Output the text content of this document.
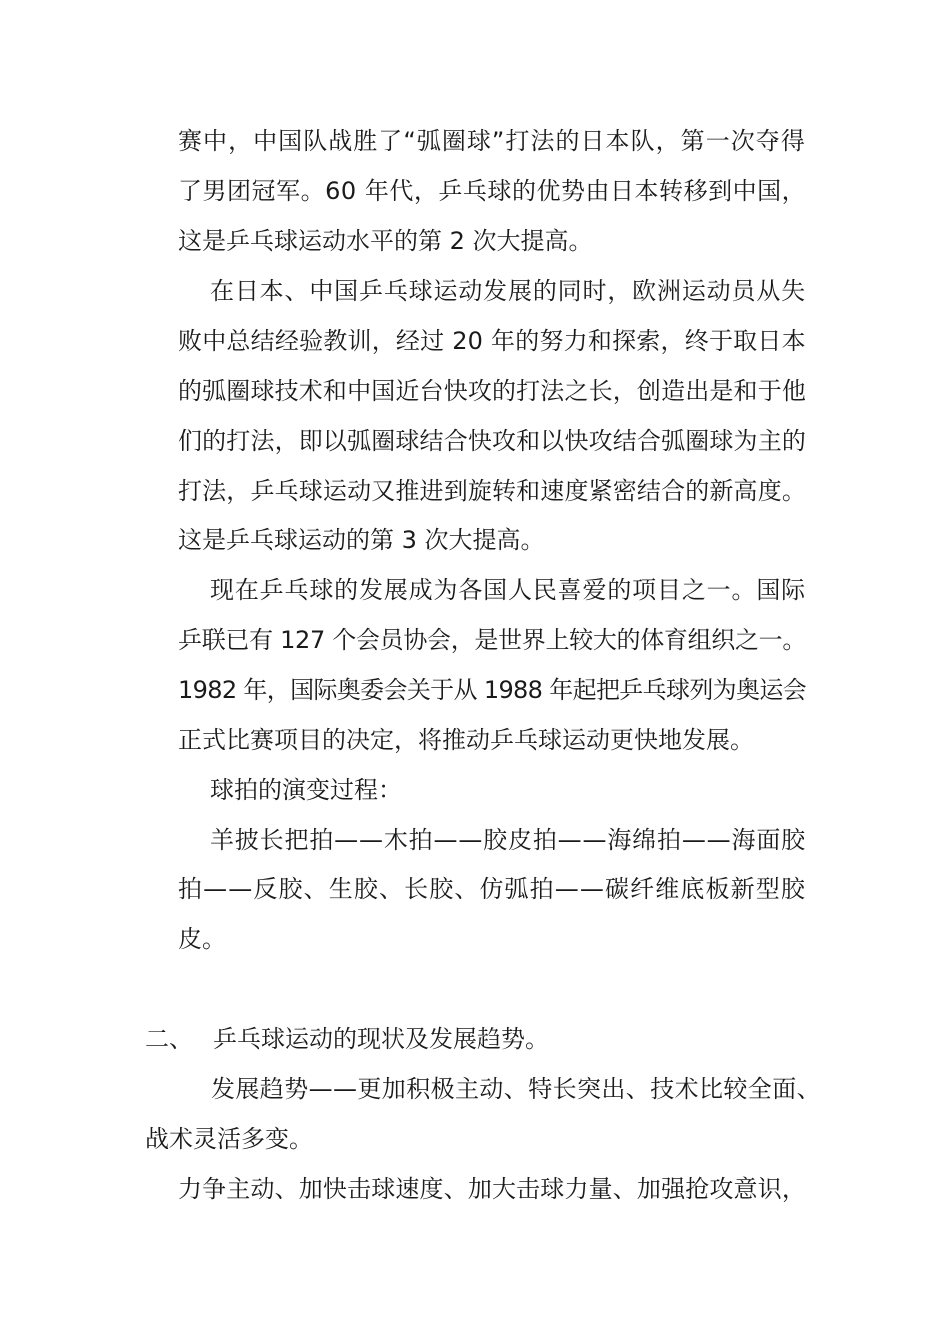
赛中，中国队战胜了“弧圈球”打法的日本队，第一次夺得
了男团冠军。60 年代，乒乓球的优势由日本转移到中国，
这是乒乓球运动水平的第 2 次大提高。
在日本、中国乒乓球运动发展的同时，欧洲运动员从失
败中总结经验教训，经过 20 年的努力和探索，终于取日本
的弧圈球技术和中国近台快攻的打法之长，创造出是和于他
们的打法，即以弧圈球结合快攻和以快攻结合弧圈球为主的
打法，乒乓球运动又推进到旋转和速度紧密结合的新高度。
这是乒乓球运动的第 3 次大提高。
现在乒乓球的发展成为各国人民喜爱的项目之一。国际
乒联已有 127 个会员协会，是世界上较大的体育组织之一。
1982 年，国际奥委会关于从 1988 年起把乒乓球列为奥运会
正式比赛项目的决定，将推动乒乓球运动更快地发展。
球拍的演变过程：
羊披长把拍——木拍——胶皮拍——海绵拍——海面胶
拍——反胶、生胶、长胶、仿弧拍——碳纤维底板新型胶
皮。
二、 乒乓球运动的现状及发展趋势。
发展趋势——更加积极主动、特长突出、技术比较全面、
战术灵活多变。
力争主动、加快击球速度、加大击球力量、加强抢攻意识，
